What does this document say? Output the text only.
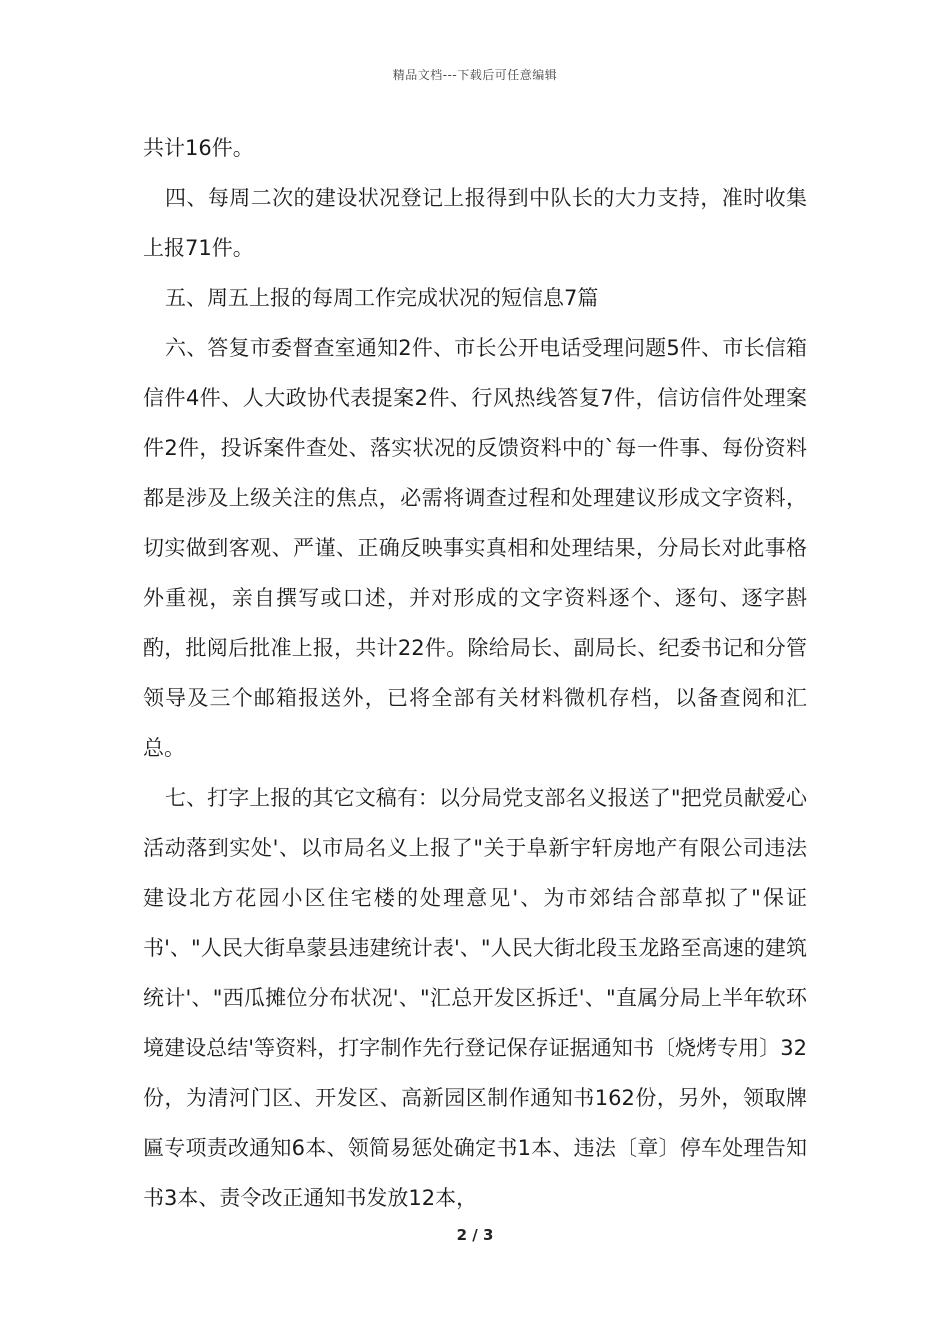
精品文档---下载后可任意编辑

共计16件。

四、每周二次的建设状况登记上报得到中队长的大力支持，准时收集上报71件。

五、周五上报的每周工作完成状况的短信息7篇

六、答复市委督查室通知2件、市长公开电话受理问题5件、市长信箱信件4件、人大政协代表提案2件、行风热线答复7件，信访信件处理案件2件，投诉案件查处、落实状况的反馈资料中的`每一件事、每份资料都是涉及上级关注的焦点，必需将调查过程和处理建议形成文字资料，切实做到客观、严谨、正确反映事实真相和处理结果，分局长对此事格外重视，亲自撰写或口述，并对形成的文字资料逐个、逐句、逐字斟酌，批阅后批准上报，共计22件。除给局长、副局长、纪委书记和分管领导及三个邮箱报送外，已将全部有关材料微机存档，以备查阅和汇总。

七、打字上报的其它文稿有：以分局党支部名义报送了"把党员献爱心活动落到实处'、以市局名义上报了"关于阜新宇轩房地产有限公司违法建设北方花园小区住宅楼的处理意见'、为市郊结合部草拟了"保证书'、"人民大街阜蒙县违建统计表'、"人民大街北段玉龙路至高速的建筑统计'、"西瓜摊位分布状况'、"汇总开发区拆迁'、"直属分局上半年软环境建设总结'等资料，打字制作先行登记保存证据通知书〔烧烤专用〕32份，为清河门区、开发区、高新园区制作通知书162份，另外，领取牌匾专项责改通知6本、领简易惩处确定书1本、违法〔章〕停车处理告知书3本、责令改正通知书发放12本，

2 / 3
